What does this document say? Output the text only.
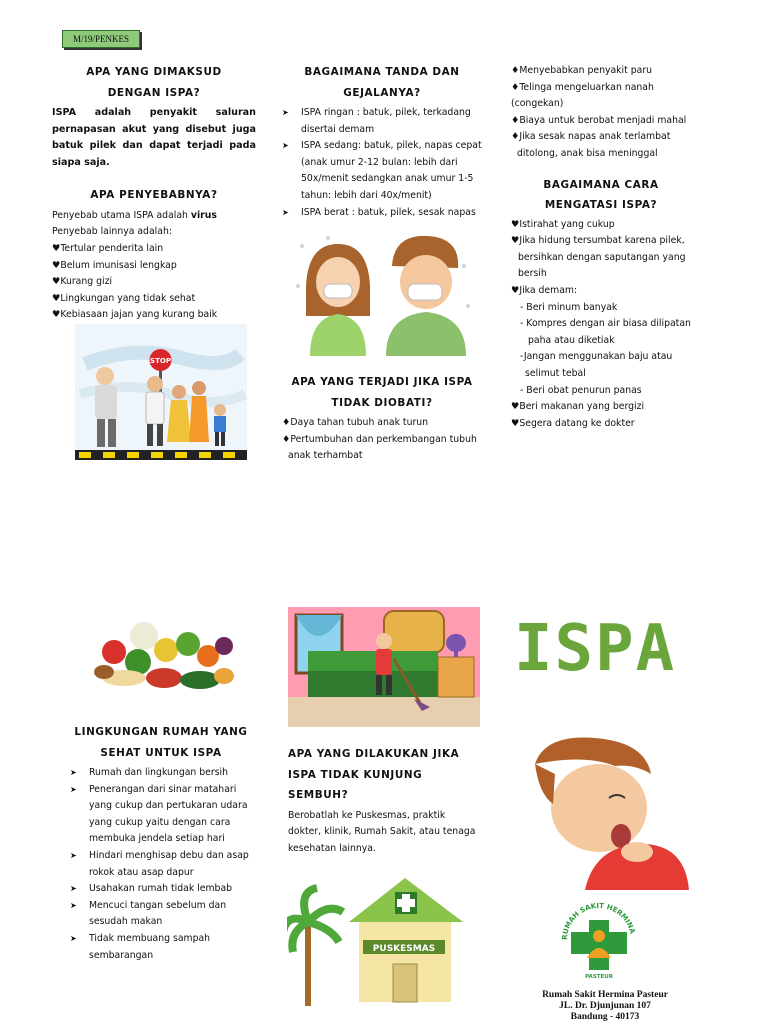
M/19/PENKES
APA YANG DIMAKSUD DENGAN ISPA?

ISPA adalah penyakit saluran pernapasan akut yang disebut juga batuk pilek dan dapat terjadi pada siapa saja.

APA PENYEBABNYA?

Penyebab utama ISPA adalah virus

Penyebab lainnya adalah:

♥Tertular penderita lain

♥Belum imunisasi lengkap

♥Kurang gizi

♥Lingkungan yang tidak sehat

♥Kebiasaan jajan yang kurang baik

STOP
BAGAIMANA TANDA DAN GEJALANYA?
➤ ISPA ringan : batuk, pilek, terkadang disertai demam
➤ ISPA sedang: batuk, pilek, napas cepat (anak umur 2-12 bulan: lebih dari 50x/menit sedangkan anak umur 1-5 tahun: lebih dari 40x/menit)
➤ ISPA berat : batuk, pilek, sesak napas
APA YANG TERJADI JIKA ISPA TIDAK DIOBATI?

♦Daya tahan tubuh anak turun

♦Pertumbuhan dan perkembangan tubuh anak terhambat

♦Menyebabkan penyakit paru

♦Telinga mengeluarkan nanah (congekan)

♦Biaya untuk berobat menjadi mahal

♦Jika sesak napas anak terlambat ditolong, anak bisa meninggal

BAGAIMANA CARA MENGATASI ISPA?

♥Istirahat yang cukup

♥Jika hidung tersumbat karena pilek, bersihkan dengan saputangan yang bersih

♥Jika demam:

- Beri minum banyak

- Kompres dengan air biasa dilipatan paha atau diketiak

-Jangan menggunakan baju atau selimut tebal

- Beri obat penurun panas

♥Beri makanan yang bergizi

♥Segera datang ke dokter

ISPA
LINGKUNGAN RUMAH YANG SEHAT UNTUK ISPA
➤ Rumah dan lingkungan bersih
➤ Penerangan dari sinar matahari yang cukup dan pertukaran udara yang cukup yaitu dengan cara membuka jendela setiap hari
➤ Hindari menghisap debu dan asap rokok atau asap dapur
➤ Usahakan rumah tidak lembab
➤ Mencuci tangan sebelum dan sesudah makan
➤ Tidak membuang sampah sembarangan
APA YANG DILAKUKAN JIKA ISPA TIDAK KUNJUNG SEMBUH?

Berobatlah ke Puskesmas, praktik dokter, klinik, Rumah Sakit, atau tenaga kesehatan lainnya.

PUSKESMAS
RUMAH SAKIT HERMINA
PASTEUR
Rumah Sakit Hermina Pasteur
JL. Dr. Djunjunan 107
Bandung - 40173
